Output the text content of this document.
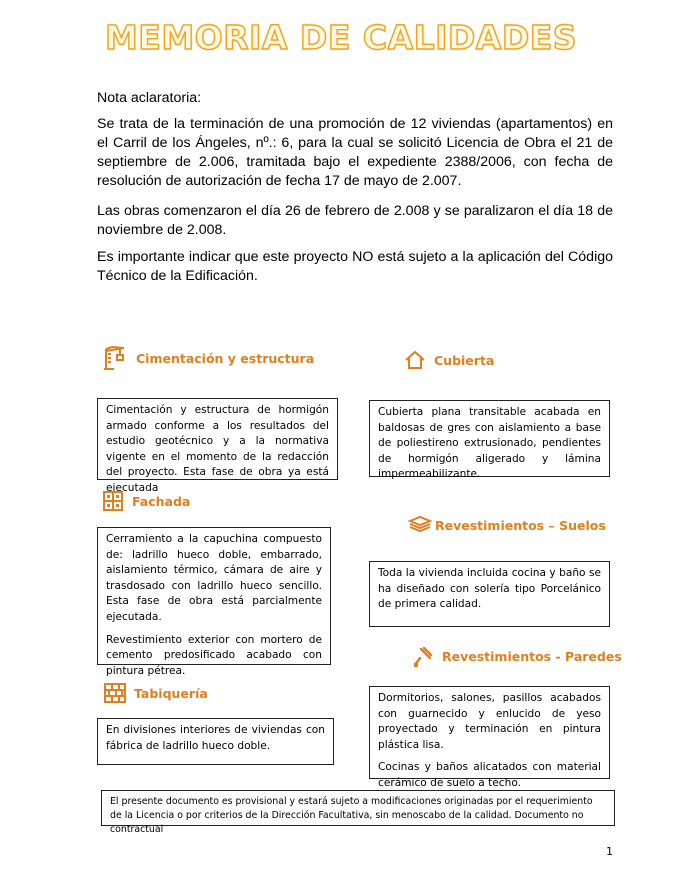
MEMORIA DE CALIDADES

Nota aclaratoria:

Se trata de la terminación de una promoción de 12 viviendas (apartamentos) en el Carril de los Ángeles, nº.: 6, para la cual se solicitó Licencia de Obra el 21 de septiembre de 2.006, tramitada bajo el expediente 2388/2006, con fecha de resolución de autorización de fecha 17 de mayo de 2.007.

Las obras comenzaron el día 26 de febrero de 2.008 y se paralizaron el día 18 de noviembre de 2.008.

Es importante indicar que este proyecto NO está sujeto a la aplicación del Código Técnico de la Edificación.

Cimentación y estructura

Cimentación y estructura de hormigón armado conforme a los resultados del estudio geotécnico y a la normativa vigente en el momento de la redacción del proyecto. Esta fase de obra ya está ejecutada

Cubierta

Cubierta plana transitable acabada en baldosas de gres con aislamiento a base de poliestireno extrusionado, pendientes de hormigón aligerado y lámina impermeabilizante.

Fachada

Cerramiento a la capuchina compuesto de: ladrillo hueco doble, embarrado, aislamiento térmico, cámara de aire y trasdosado con ladrillo hueco sencillo. Esta fase de obra está parcialmente ejecutada.

Revestimiento exterior con mortero de cemento predosificado acabado con pintura pétrea.

Revestimientos – Suelos

Toda la vivienda incluida cocina y baño se ha diseñado con solería tipo Porcelánico de primera calidad.

Revestimientos - Paredes

Dormitorios, salones, pasillos acabados con guarnecido y enlucido de yeso proyectado y terminación en pintura plástica lisa.

Cocinas y baños alicatados con material cerámico de suelo a techo.

Tabiquería

En divisiones interiores de viviendas con fábrica de ladrillo hueco doble.

El presente documento es provisional y estará sujeto a modificaciones originadas por el requerimiento de la Licencia o por criterios de la Dirección Facultativa, sin menoscabo de la calidad. Documento no contractual
1
